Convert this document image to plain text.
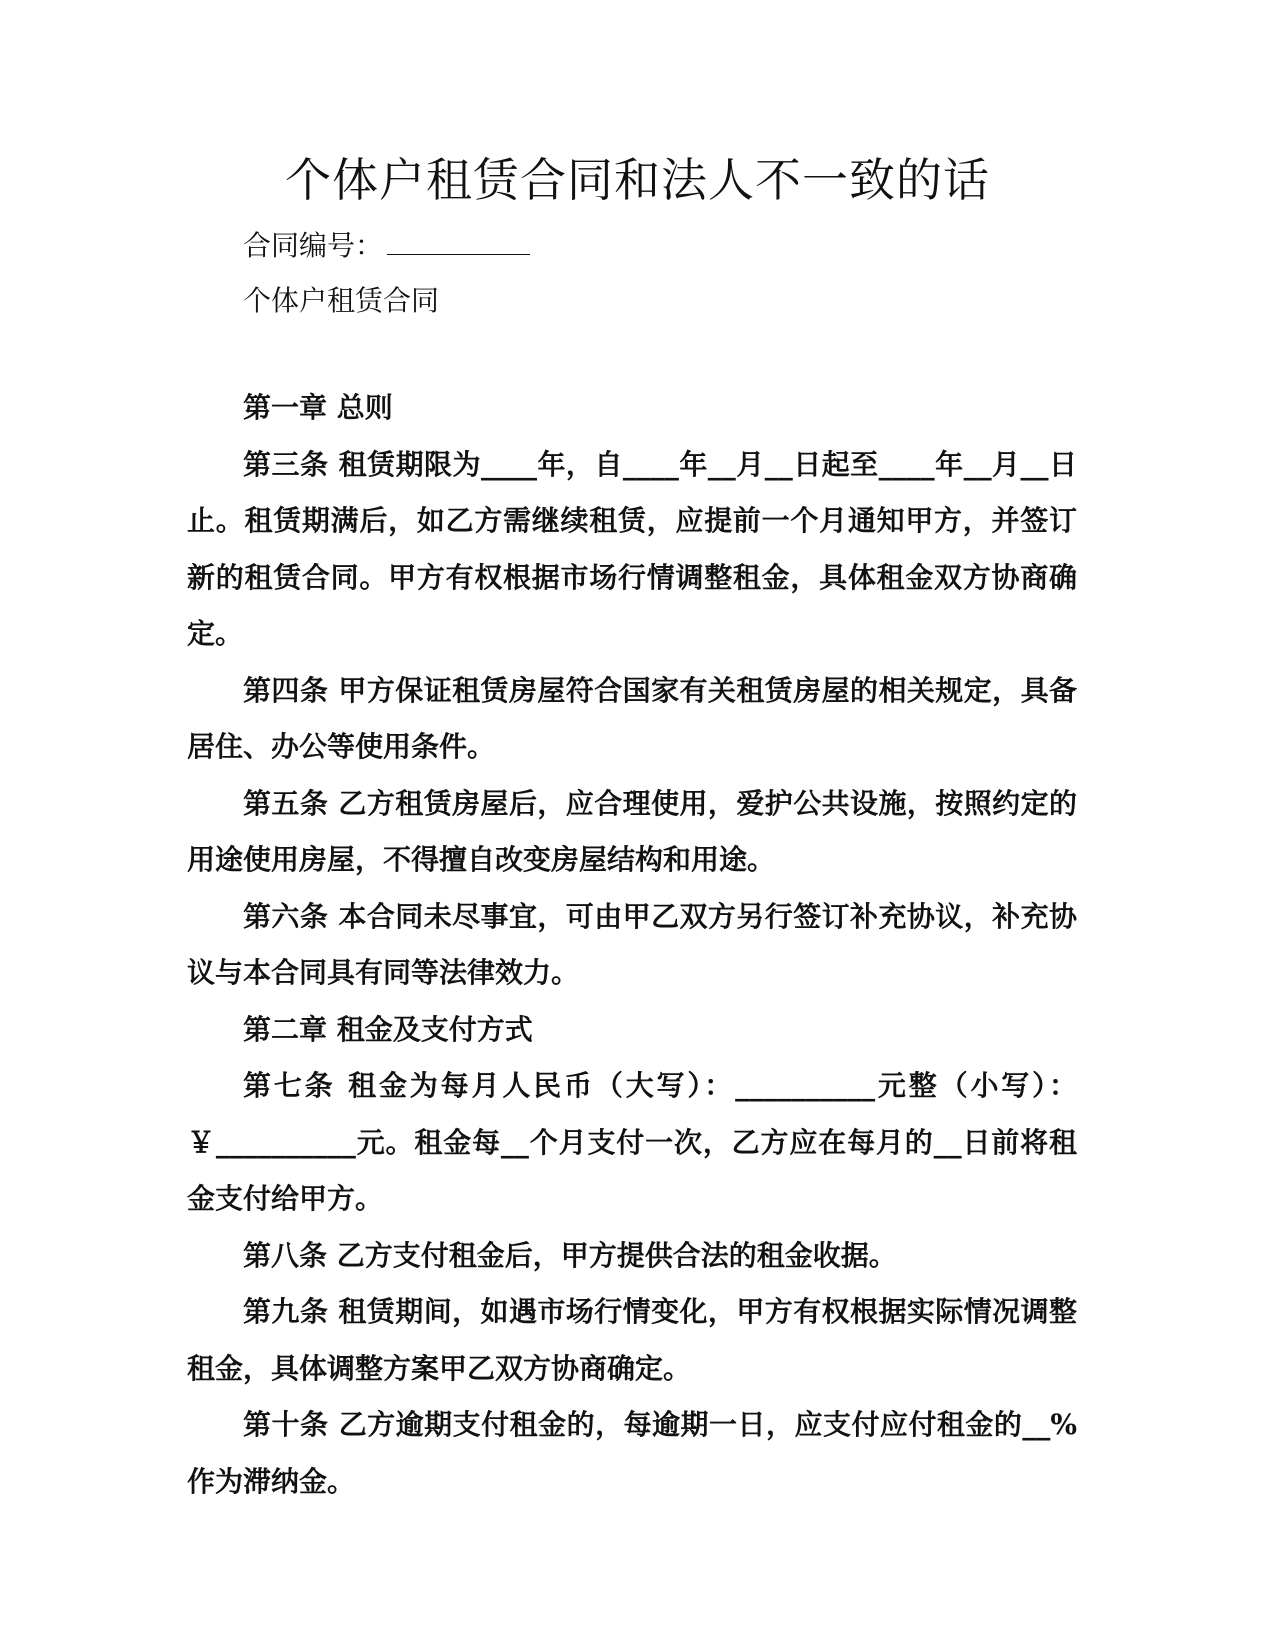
个体户租赁合同和法人不一致的话

合同编号：

个体户租赁合同

第一章 总则

第三条 租赁期限为____年，自____年__月__日起至____年__月__日止。租赁期满后，如乙方需继续租赁，应提前一个月通知甲方，并签订新的租赁合同。甲方有权根据市场行情调整租金，具体租金双方协商确定。

第四条 甲方保证租赁房屋符合国家有关租赁房屋的相关规定，具备居住、办公等使用条件。

第五条 乙方租赁房屋后，应合理使用，爱护公共设施，按照约定的用途使用房屋，不得擅自改变房屋结构和用途。

第六条 本合同未尽事宜，可由甲乙双方另行签订补充协议，补充协议与本合同具有同等法律效力。

第二章 租金及支付方式

第七条 租金为每月人民币（大写）：__________元整（小写）：￥__________元。租金每__个月支付一次，乙方应在每月的__日前将租金支付给甲方。

第八条 乙方支付租金后，甲方提供合法的租金收据。

第九条 租赁期间，如遇市场行情变化，甲方有权根据实际情况调整租金，具体调整方案甲乙双方协商确定。

第十条 乙方逾期支付租金的，每逾期一日，应支付应付租金的__%作为滞纳金。
